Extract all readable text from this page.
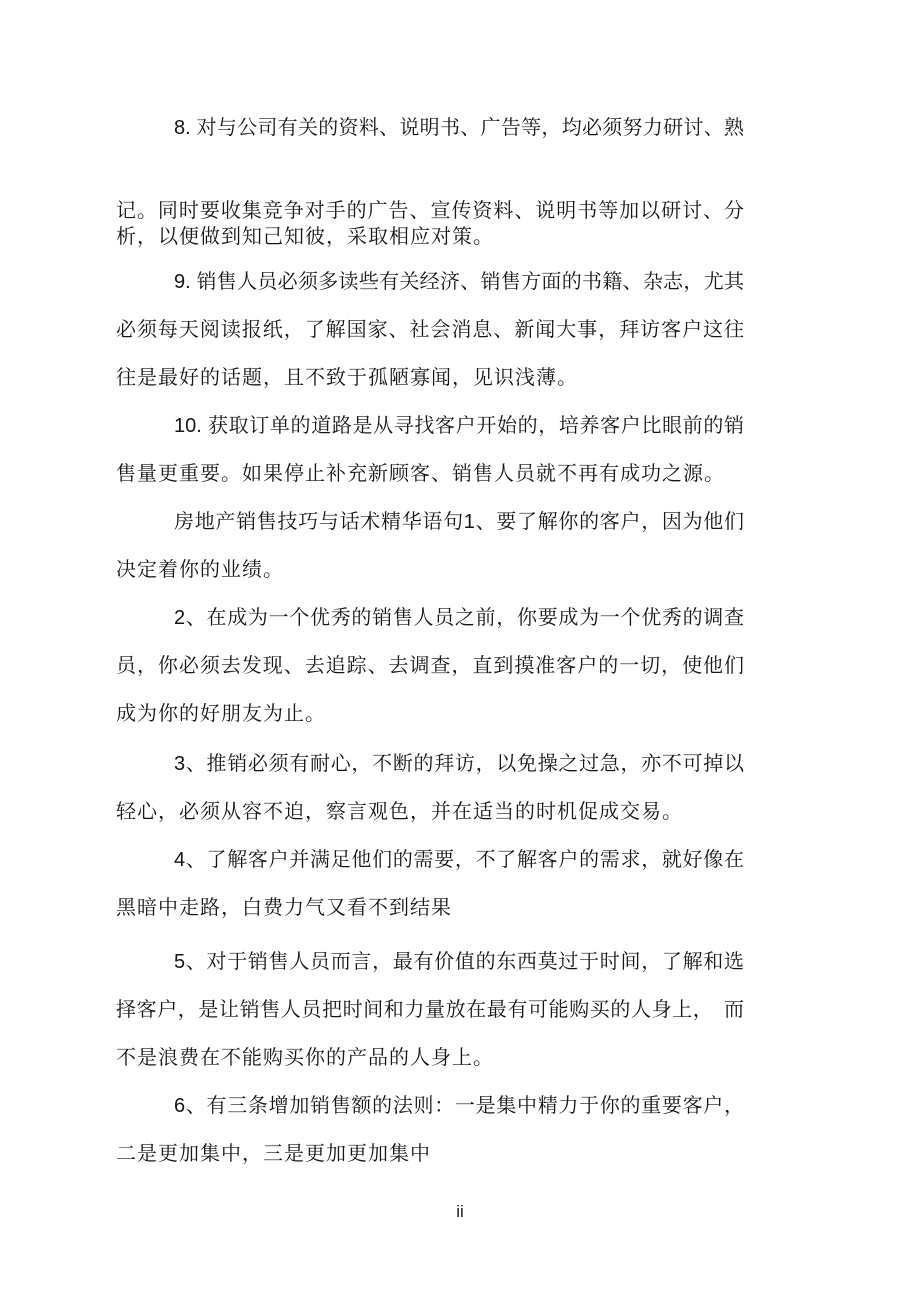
8. 对与公司有关的资料、说明书、广告等，均必须努力研讨、熟
记。同时要收集竞争对手的广告、宣传资料、说明书等加以研讨、分
析，以便做到知己知彼，采取相应对策。
9. 销售人员必须多读些有关经济、销售方面的书籍、杂志，尤其
必须每天阅读报纸，了解国家、社会消息、新闻大事，拜访客户这往
往是最好的话题，且不致于孤陋寡闻，见识浅薄。
10. 获取订单的道路是从寻找客户开始的，培养客户比眼前的销
售量更重要。如果停止补充新顾客、销售人员就不再有成功之源。
房地产销售技巧与话术精华语句1、要了解你的客户，因为他们
决定着你的业绩。
2、在成为一个优秀的销售人员之前，你要成为一个优秀的调查
员，你必须去发现、去追踪、去调查，直到摸准客户的一切，使他们
成为你的好朋友为止。
3、推销必须有耐心，不断的拜访，以免操之过急，亦不可掉以
轻心，必须从容不迫，察言观色，并在适当的时机促成交易。
4、了解客户并满足他们的需要，不了解客户的需求，就好像在
黑暗中走路，白费力气又看不到结果
5、对于销售人员而言，最有价值的东西莫过于时间，了解和选
择客户，是让销售人员把时间和力量放在最有可能购买的人身上，　而
不是浪费在不能购买你的产品的人身上。
6、有三条增加销售额的法则：一是集中精力于你的重要客户，
二是更加集中，三是更加更加集中
ii
